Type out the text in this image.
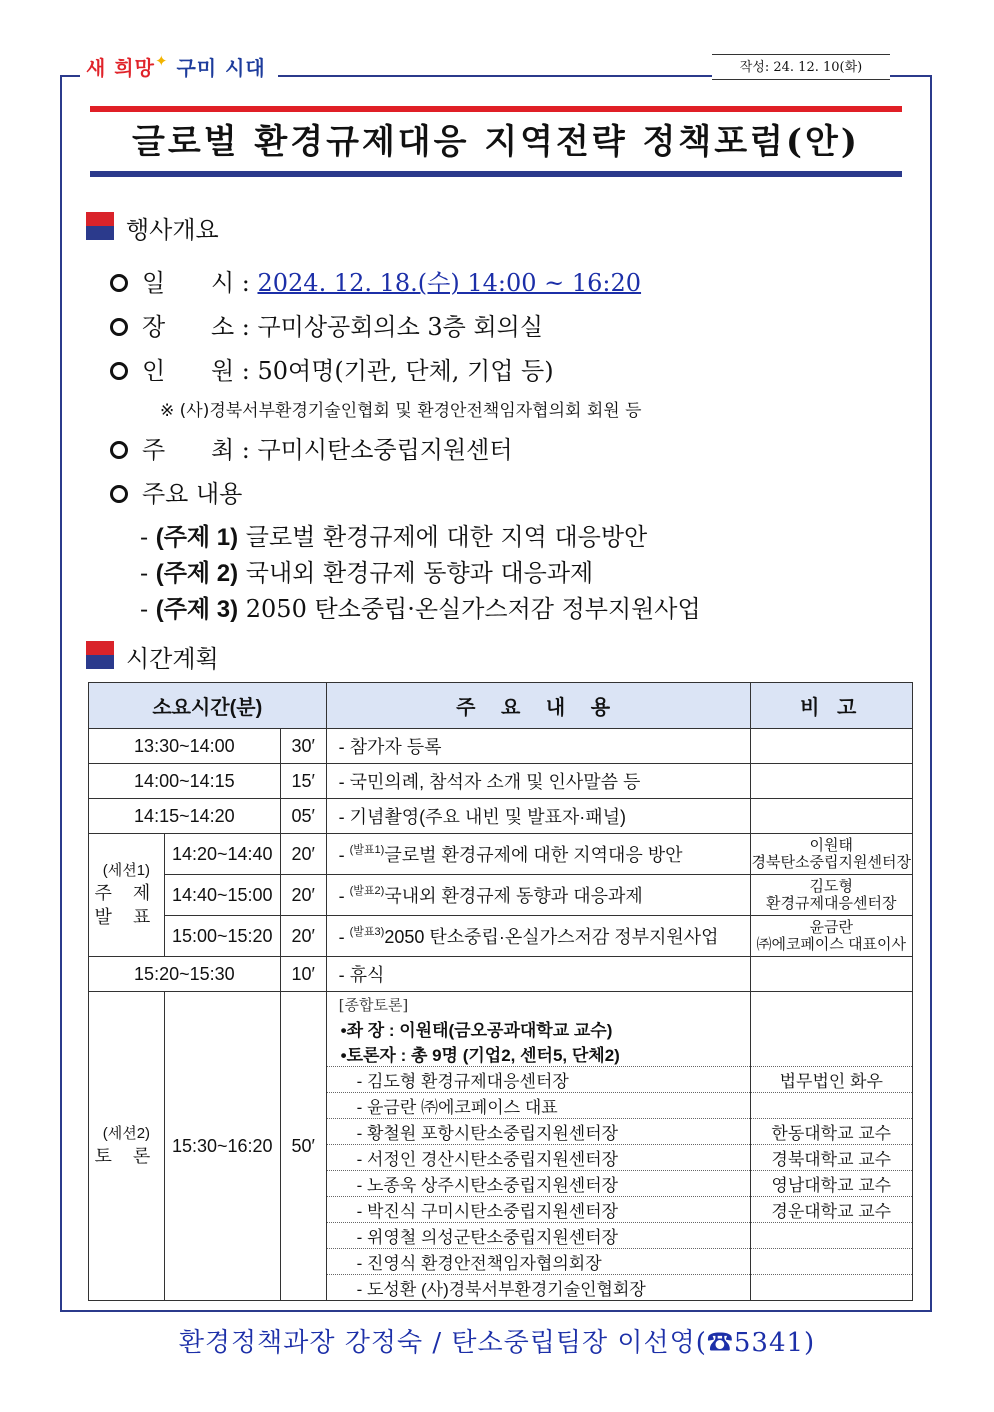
새 희망✦ 구미 시대	작성: 24. 12. 10(화)
글로벌 환경규제대응 지역전략 정책포럼(안)
행사개요
일      시 : 2024. 12. 18.(수) 14:00 ~ 16:20
장      소 : 구미상공회의소 3층 회의실
인      원 : 50여명(기관, 단체, 기업 등)
※ (사)경북서부환경기술인협회 및 환경안전책임자협의회 회원 등
주      최 : 구미시탄소중립지원센터
주요 내용
- (주제 1) 글로벌 환경규제에 대한 지역 대응방안
- (주제 2) 국내외 환경규제 동향과 대응과제
- (주제 3) 2050 탄소중립·온실가스저감 정부지원사업
시간계획
소요시간(분)	주 요 내 용	비 고
13:30~14:00	30′	- 참가자 등록	
14:00~14:15	15′	- 국민의례, 참석자 소개 및 인사말씀 등	
14:15~14:20	05′	- 기념촬영(주요 내빈 및 발표자·패널)	

(세션1)
주 제
발 표
	14:20~14:40	20′	- $^{(발표1)}$글로벌 환경규제에 대한 지역대응 방안	이원태
경북탄소중립지원센터장

14:40~15:00	20′	- $^{(발표2)}$국내외 환경규제 동향과 대응과제	김도형
환경규제대응센터장

15:00~15:20	20′	- $^{(발표3)}$2050 탄소중립·온실가스저감 정부지원사업	윤금란
㈜에코페이스 대표이사

15:20~15:30	10′	- 휴식	

(세션2)
토 론
	15:30~16:20	50′	
[종합토론]	
•좌 장 : 이원태(금오공과대학교 교수)	
•토론자 : 총 9명 (기업2, 센터5, 단체2)	
- 김도형 환경규제대응센터장	법무법인 화우
- 윤금란 ㈜에코페이스 대표	
- 황철원 포항시탄소중립지원센터장	한동대학교 교수
- 서정인 경산시탄소중립지원센터장	경북대학교 교수
- 노종욱 상주시탄소중립지원센터장	영남대학교 교수
- 박진식 구미시탄소중립지원센터장	경운대학교 교수
- 위영철 의성군탄소중립지원센터장	
- 진영식 환경안전책임자협의회장	
- 도성환 (사)경북서부환경기술인협회장	
환경정책과장 강정숙 / 탄소중립팀장 이선영(☎5341)
